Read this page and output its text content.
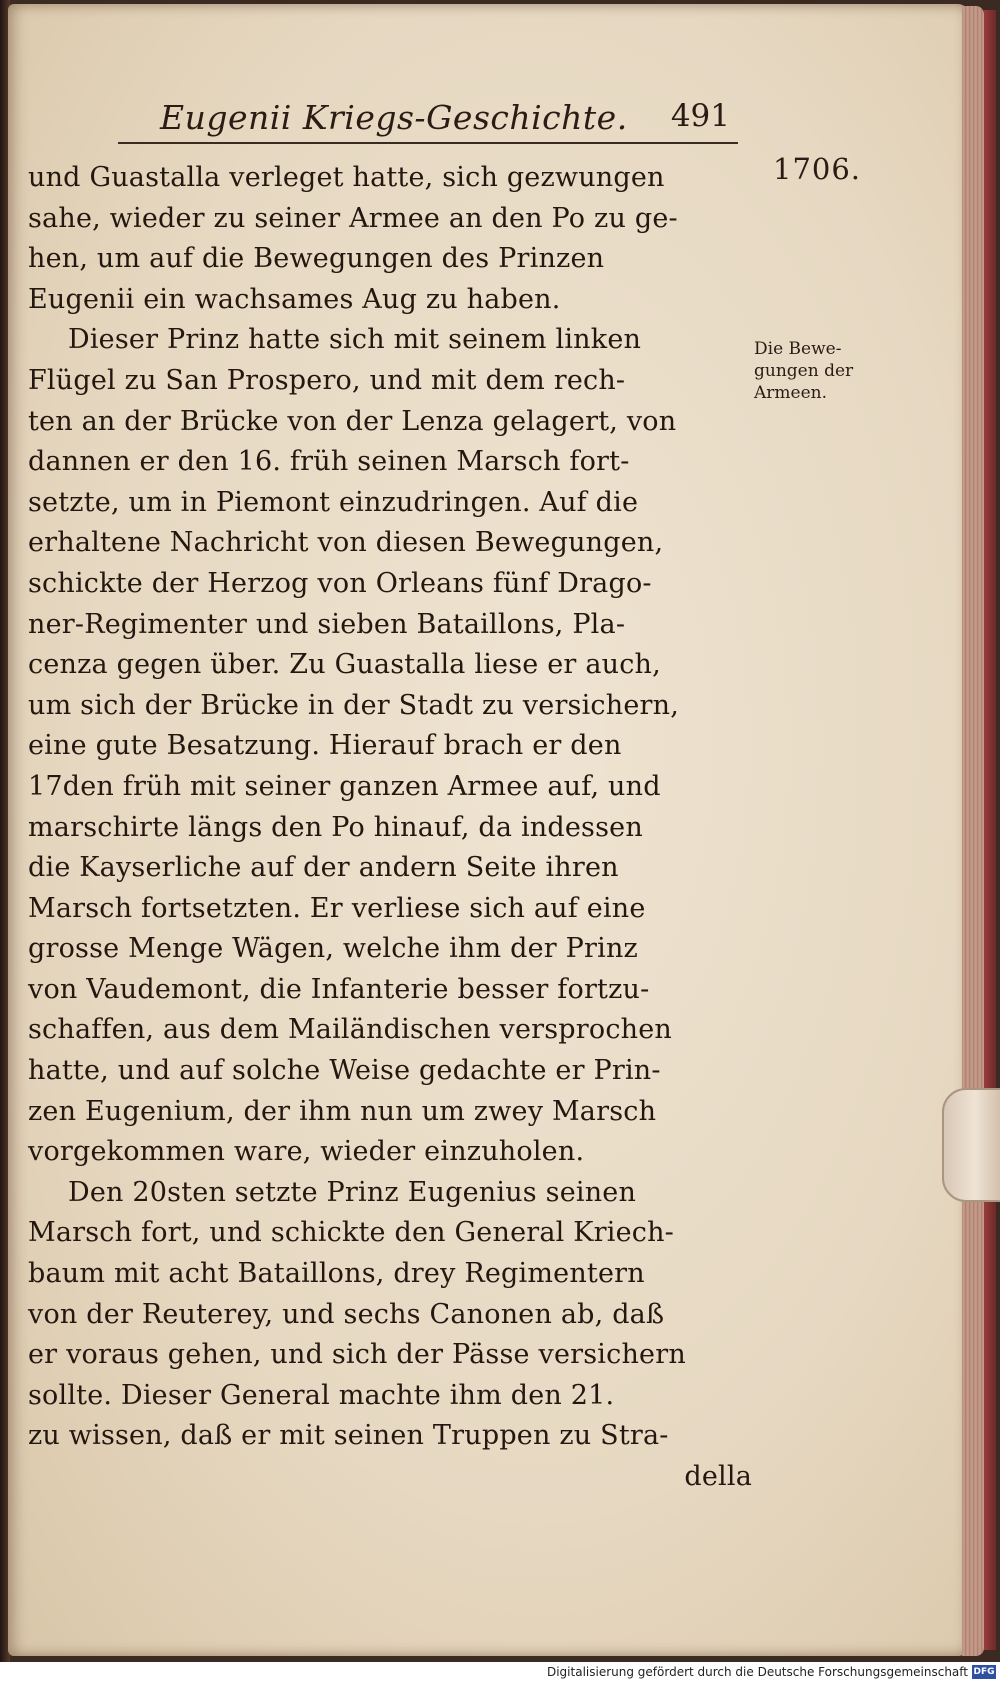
Eugenii Kriegs-Geschichte. 491
1706.
Die Bewe-
gungen der
Armeen.
und Guastalla verleget hatte, sich gezwungen
sahe, wieder zu seiner Armee an den Po zu ge-
hen, um auf die Bewegungen des Prinzen
Eugenii ein wachsames Aug zu haben.
Dieser Prinz hatte sich mit seinem linken
Flügel zu San Prospero, und mit dem rech-
ten an der Brücke von der Lenza gelagert, von
dannen er den 16. früh seinen Marsch fort-
setzte, um in Piemont einzudringen. Auf die
erhaltene Nachricht von diesen Bewegungen,
schickte der Herzog von Orleans fünf Drago-
ner-Regimenter und sieben Bataillons, Pla-
cenza gegen über. Zu Guastalla liese er auch,
um sich der Brücke in der Stadt zu versichern,
eine gute Besatzung. Hierauf brach er den
17den früh mit seiner ganzen Armee auf, und
marschirte längs den Po hinauf, da indessen
die Kayserliche auf der andern Seite ihren
Marsch fortsetzten. Er verliese sich auf eine
grosse Menge Wägen, welche ihm der Prinz
von Vaudemont, die Infanterie besser fortzu-
schaffen, aus dem Mailändischen versprochen
hatte, und auf solche Weise gedachte er Prin-
zen Eugenium, der ihm nun um zwey Marsch
vorgekommen ware, wieder einzuholen.
Den 20sten setzte Prinz Eugenius seinen
Marsch fort, und schickte den General Kriech-
baum mit acht Bataillons, drey Regimentern
von der Reuterey, und sechs Canonen ab, daß
er voraus gehen, und sich der Pässe versichern
sollte. Dieser General machte ihm den 21.
zu wissen, daß er mit seinen Truppen zu Stra-
della
Digitalisierung gefördert durch die Deutsche Forschungsgemeinschaft DFG
